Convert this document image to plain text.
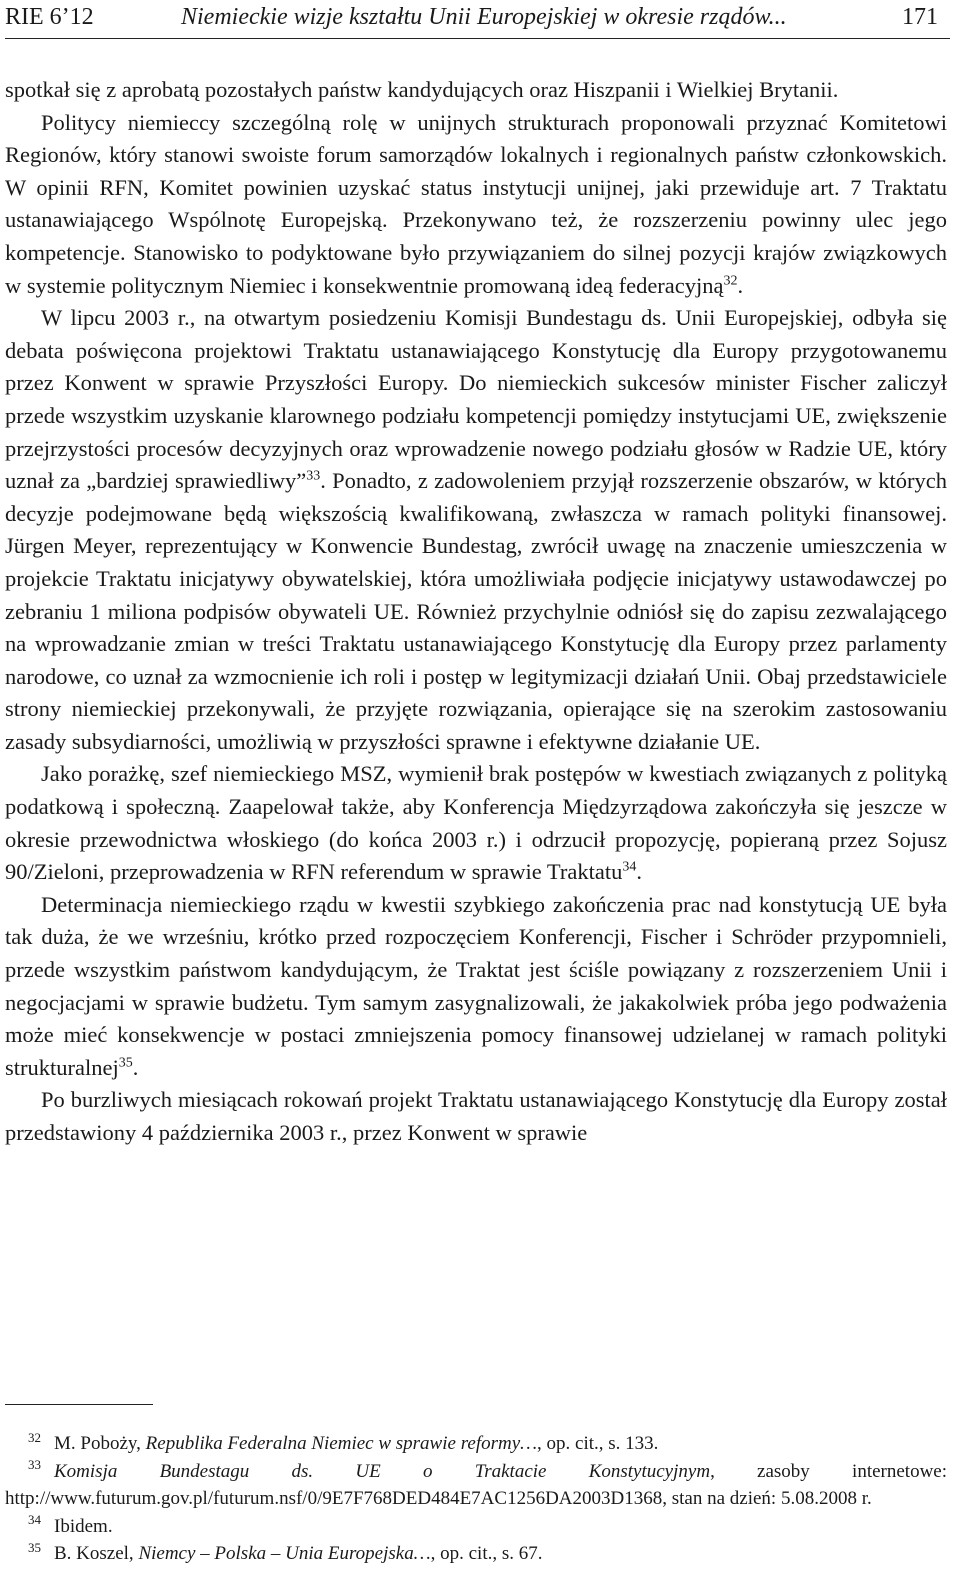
RIE 6’12	Niemieckie wizje kształtu Unii Europejskiej w okresie rządów...	171

spotkał się z aprobatą pozostałych państw kandydujących oraz Hiszpanii i Wielkiej Brytanii.

Politycy niemieccy szczególną rolę w unijnych strukturach proponowali przyznać Komitetowi Regionów, który stanowi swoiste forum samorządów lokalnych i regionalnych państw członkowskich. W opinii RFN, Komitet powinien uzyskać status instytucji unijnej, jaki przewiduje art. 7 Traktatu ustanawiającego Wspólnotę Europejską. Przekonywano też, że rozszerzeniu powinny ulec jego kompetencje. Stanowisko to podyktowane było przywiązaniem do silnej pozycji krajów związkowych w systemie politycznym Niemiec i konsekwentnie promowaną ideą federacyjną$^{32}$.

W lipcu 2003 r., na otwartym posiedzeniu Komisji Bundestagu ds. Unii Europejskiej, odbyła się debata poświęcona projektowi Traktatu ustanawiającego Konstytucję dla Europy przygotowanemu przez Konwent w sprawie Przyszłości Europy. Do niemieckich sukcesów minister Fischer zaliczył przede wszystkim uzyskanie klarownego podziału kompetencji pomiędzy instytucjami UE, zwiększenie przejrzystości procesów decyzyjnych oraz wprowadzenie nowego podziału głosów w Radzie UE, który uznał za „bardziej sprawiedliwy”$^{33}$. Ponadto, z zadowoleniem przyjął rozszerzenie obszarów, w których decyzje podejmowane będą większością kwalifikowaną, zwłaszcza w ramach polityki finansowej. Jürgen Meyer, reprezentujący w Konwencie Bundestag, zwrócił uwagę na znaczenie umieszczenia w projekcie Traktatu inicjatywy obywatelskiej, która umożliwiała podjęcie inicjatywy ustawodawczej po zebraniu 1 miliona podpisów obywateli UE. Również przychylnie odniósł się do zapisu zezwalającego na wprowadzanie zmian w treści Traktatu ustanawiającego Konstytucję dla Europy przez parlamenty narodowe, co uznał za wzmocnienie ich roli i postęp w legitymizacji działań Unii. Obaj przedstawiciele strony niemieckiej przekonywali, że przyjęte rozwiązania, opierające się na szerokim zastosowaniu zasady subsydiarności, umożliwią w przyszłości sprawne i efektywne działanie UE.

Jako porażkę, szef niemieckiego MSZ, wymienił brak postępów w kwestiach związanych z polityką podatkową i społeczną. Zaapelował także, aby Konferencja Międzyrządowa zakończyła się jeszcze w okresie przewodnictwa włoskiego (do końca 2003 r.) i odrzucił propozycję, popieraną przez Sojusz 90/Zieloni, przeprowadzenia w RFN referendum w sprawie Traktatu$^{34}$.

Determinacja niemieckiego rządu w kwestii szybkiego zakończenia prac nad konstytucją UE była tak duża, że we wrześniu, krótko przed rozpoczęciem Konferencji, Fischer i Schröder przypomnieli, przede wszystkim państwom kandydującym, że Traktat jest ściśle powiązany z rozszerzeniem Unii i negocjacjami w sprawie budżetu. Tym samym zasygnalizowali, że jakakolwiek próba jego podważenia może mieć konsekwencje w postaci zmniejszenia pomocy finansowej udzielanej w ramach polityki strukturalnej$^{35}$.

Po burzliwych miesiącach rokowań projekt Traktatu ustanawiającego Konstytucję dla Europy został przedstawiony 4 października 2003 r., przez Konwent w sprawie

$^{32}$ M. Poboży, Republika Federalna Niemiec w sprawie reformy…, op. cit., s. 133.

$^{33}$ Komisja Bundestagu ds. UE o Traktacie Konstytucyjnym, zasoby internetowe: http://www.futurum.gov.pl/futurum.nsf/0/9E7F768DED484E7AC1256DA2003D1368, stan na dzień: 5.08.2008 r.

$^{34}$ Ibidem.

$^{35}$ B. Koszel, Niemcy – Polska – Unia Europejska…, op. cit., s. 67.
